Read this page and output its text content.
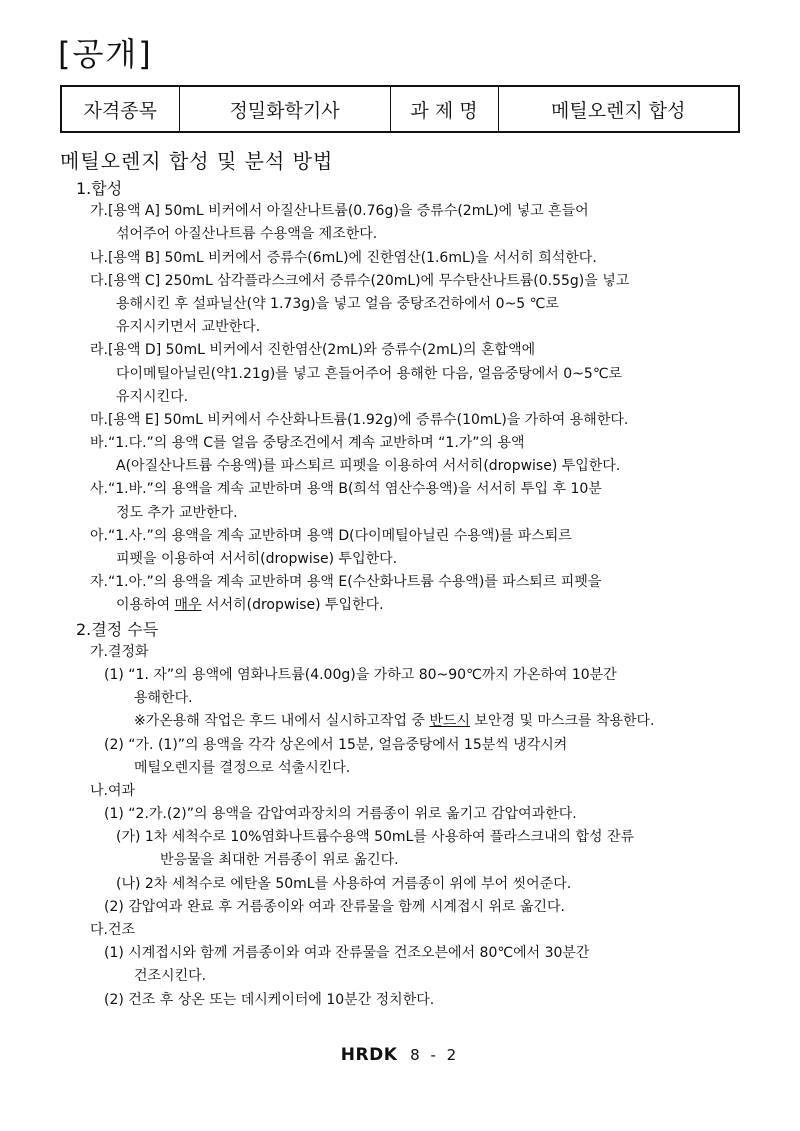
[공개]
자격종목	정밀화학기사	과 제 명	메틸오렌지 합성
메틸오렌지 합성 및 분석 방법
1.합성
가.[용액 A] 50mL 비커에서 아질산나트륨(0.76g)을 증류수(2mL)에 넣고 흔들어
섞어주어 아질산나트륨 수용액을 제조한다.
나.[용액 B] 50mL 비커에서 증류수(6mL)에 진한염산(1.6mL)을 서서히 희석한다.
다.[용액 C] 250mL 삼각플라스크에서 증류수(20mL)에 무수탄산나트륨(0.55g)을 넣고
용해시킨 후 설파닐산(약 1.73g)을 넣고 얼음 중탕조건하에서 0~5 ℃로
유지시키면서 교반한다.
라.[용액 D] 50mL 비커에서 진한염산(2mL)와 증류수(2mL)의 혼합액에
다이메틸아닐린(약1.21g)를 넣고 흔들어주어 용해한 다음, 얼음중탕에서 0~5℃로
유지시킨다.
마.[용액 E] 50mL 비커에서 수산화나트륨(1.92g)에 증류수(10mL)을 가하여 용해한다.
바.“1.다.”의 용액 C를 얼음 중탕조건에서 계속 교반하며 “1.가”의 용액
A(아질산나트륨 수용액)를 파스퇴르 피펫을 이용하여 서서히(dropwise) 투입한다.
사.“1.바.”의 용액을 계속 교반하며 용액 B(희석 염산수용액)을 서서히 투입 후 10분
정도 추가 교반한다.
아.“1.사.”의 용액을 계속 교반하며 용액 D(다이메틸아닐린 수용액)를 파스퇴르
피펫을 이용하여 서서히(dropwise) 투입한다.
자.“1.아.”의 용액을 계속 교반하며 용액 E(수산화나트륨 수용액)를 파스퇴르 피펫을
이용하여 매우 서서히(dropwise) 투입한다.
2.결정 수득
가.결정화
(1) “1. 자”의 용액에 염화나트륨(4.00g)을 가하고 80~90℃까지 가온하여 10분간
용해한다.
※가온용해 작업은 후드 내에서 실시하고작업 중 반드시 보안경 및 마스크를 착용한다.
(2) “가. (1)”의 용액을 각각 상온에서 15분, 얼음중탕에서 15분씩 냉각시켜
메틸오렌지를 결정으로 석출시킨다.
나.여과
(1) “2.가.(2)”의 용액을 감압여과장치의 거름종이 위로 옮기고 감압여과한다.
(가) 1차 세척수로 10%염화나트륨수용액 50mL를 사용하여 플라스크내의 합성 잔류
반응물을 최대한 거름종이 위로 옮긴다.
(나) 2차 세척수로 에탄올 50mL를 사용하여 거름종이 위에 부어 씻어준다.
(2) 감압여과 완료 후 거름종이와 여과 잔류물을 함께 시계접시 위로 옮긴다.
다.건조
(1) 시계접시와 함께 거름종이와 여과 잔류물을 건조오븐에서 80℃에서 30분간
건조시킨다.
(2) 건조 후 상온 또는 데시케이터에 10분간 정치한다.
HRDK 8 - 2
